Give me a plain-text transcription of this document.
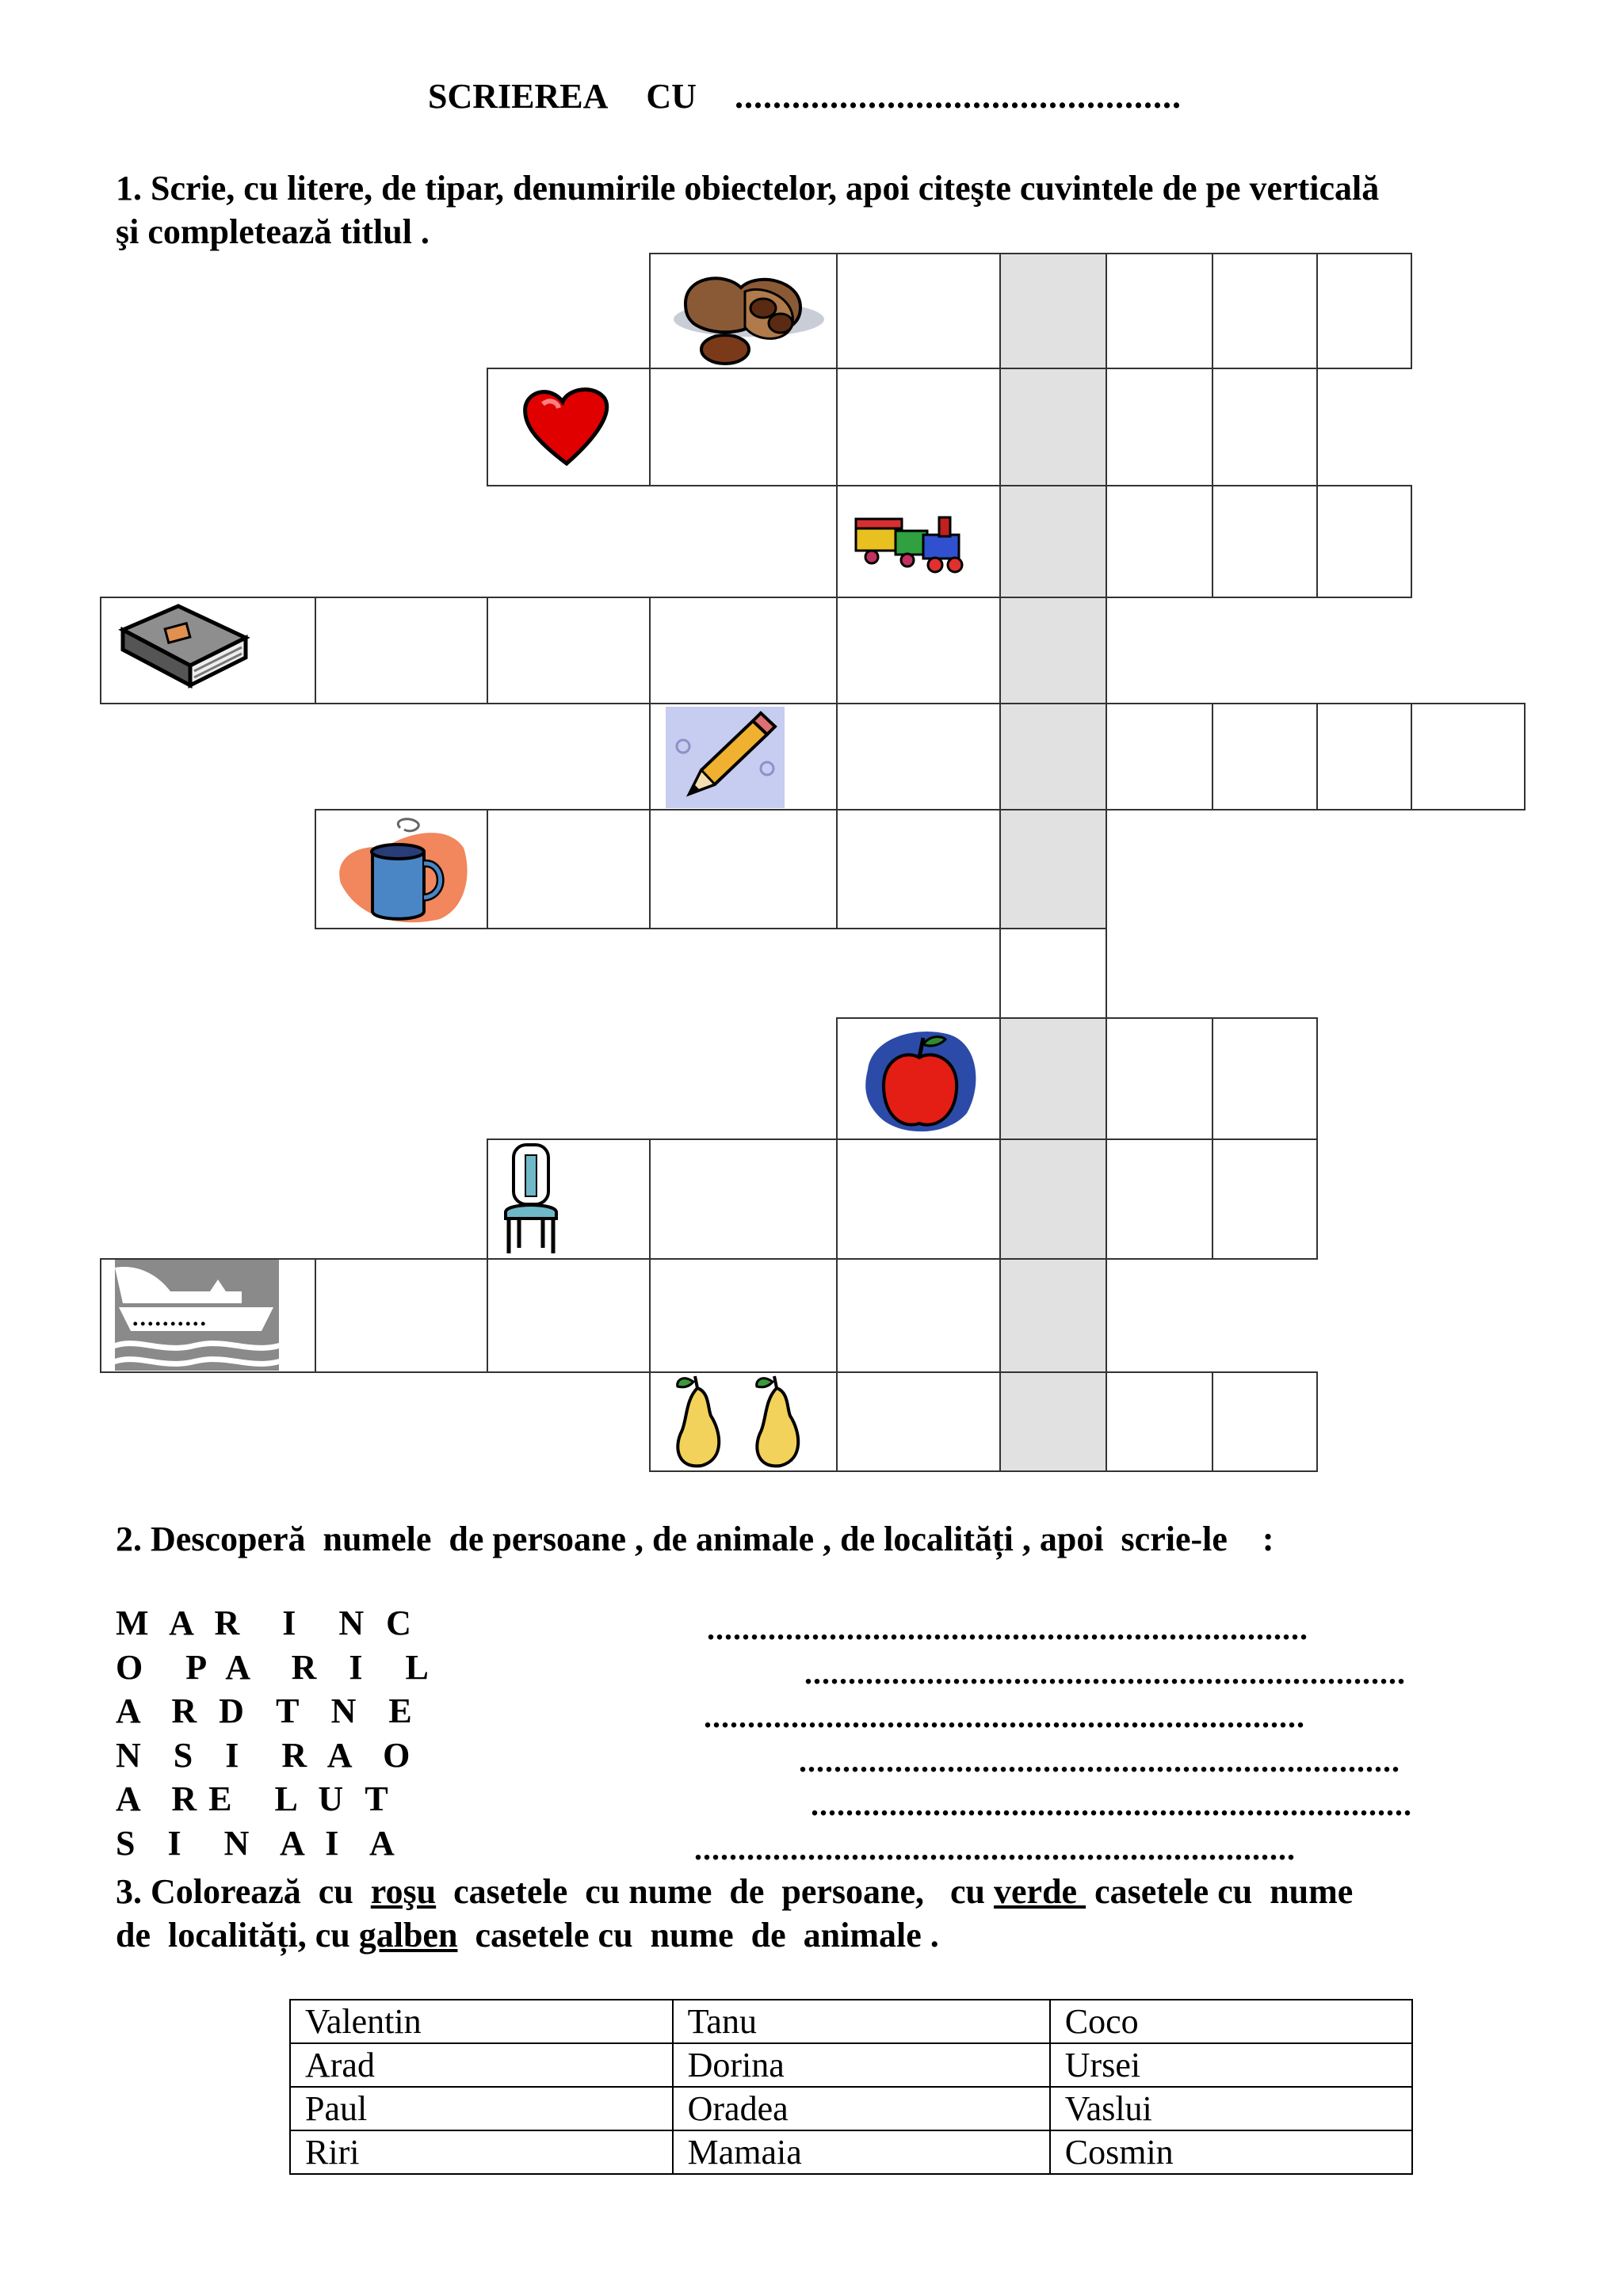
SCRIEREA CU ...............................................
1. Scrie, cu litere, de tipar, denumirile obiectelor, apoi citeşte cuvintele de pe verticală
şi completează titlul .
..........
2. Descoperă  numele  de persoane , de animale , de localități , apoi  scrie-le    :
M  A  R    I    N  C
O    P  A    R   I    L
A   R  D   T   N   E
N   S   I    R  A   O
A   R E    L  U  T
S   I    N   A  I   A
.....................................................................
.....................................................................
.....................................................................
.....................................................................
.....................................................................
.....................................................................
3. Colorează  cu  roşu  casetele  cu nume  de  persoane,   cu verde  casetele cu  nume
de  localități, cu galben  casetele cu  nume  de  animale .
Valentin	Tanu	Coco
Arad	Dorina	Ursei
Paul	Oradea	Vaslui
Riri	Mamaia	Cosmin
